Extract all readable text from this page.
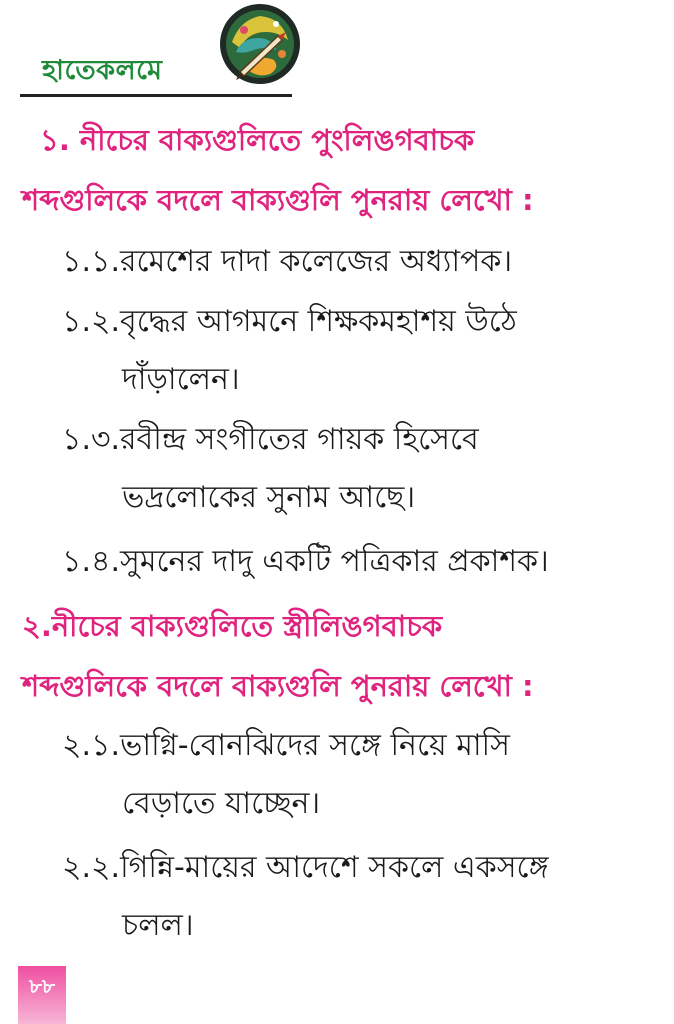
হাতেকলমে
১. নীচের বাক্যগুলিতে পুংলিঙগবাচক
শব্দগুলিকে বদলে বাক্যগুলি পুনরায় লেখো :
১.১.রমেশের দাদা কলেজের অধ্যাপক।
১.২.বৃদ্ধের আগমনে শিক্ষকমহাশয় উঠে
দাঁড়ালেন।
১.৩.রবীন্দ্র সংগীতের গায়ক হিসেবে
ভদ্রলোকের সুনাম আছে।
১.৪.সুমনের দাদু একটি পত্রিকার প্রকাশক।
২.নীচের বাক্যগুলিতে স্ত্রীলিঙগবাচক
শব্দগুলিকে বদলে বাক্যগুলি পুনরায় লেখো :
২.১.ভাগ্নি-বোনঝিদের সঙ্গে নিয়ে মাসি
বেড়াতে যাচ্ছেন।
২.২.গিন্নি-মায়ের আদেশে সকলে একসঙ্গে
চলল।
৮৮
